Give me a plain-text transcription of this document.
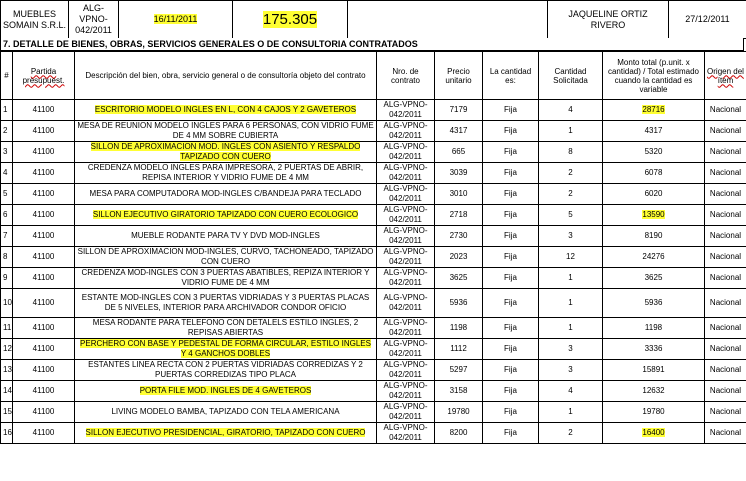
MUEBLES SOMAIN S.R.L.	ALG-VPNO-042/2011	16/11/2011	175.305		JAQUELINE ORTIZ RIVERO	27/12/2011
7. DETALLE DE BIENES, OBRAS, SERVICIOS GENERALES O DE CONSULTORIA CONTRATADOS
#	Partida presupuest.	Descripción del bien, obra, servicio general o de consultoría objeto del contrato	Nro. de contrato	Precio unitario	La cantidad es:	Cantidad Solicitada	Monto total (p.unit. x cantidad) / Total estimado cuando la cantidad es variable	Origen del ítem
1	41100	ESCRITORIO MODELO INGLES EN L, CON 4 CAJOS Y 2 GAVETEROS	ALG-VPNO-042/2011	7179	Fija	4	28716	Nacional
2	41100	MESA DE REUNION MODELO INGLES PARA 6 PERSONAS, CON VIDRIO FUME DE 4 MM SOBRE CUBIERTA	ALG-VPNO-042/2011	4317	Fija	1	4317	Nacional
3	41100	SILLON DE APROXIMACION MOD. INGLES CON ASIENTO Y RESPALDO TAPIZADO CON CUERO	ALG-VPNO-042/2011	665	Fija	8	5320	Nacional
4	41100	CREDENZA MODELO INGLES PARA IMPRESORA, 2 PUERTAS DE ABRIR, REPISA INTERIOR Y VIDRIO FUME DE 4 MM	ALG-VPNO-042/2011	3039	Fija	2	6078	Nacional
5	41100	MESA PARA COMPUTADORA MOD-INGLES C/BANDEJA PARA TECLADO	ALG-VPNO-042/2011	3010	Fija	2	6020	Nacional
6	41100	SILLON EJECUTIVO GIRATORIO TAPIZADO CON CUERO ECOLOGICO	ALG-VPNO-042/2011	2718	Fija	5	13590	Nacional
7	41100	MUEBLE RODANTE PARA TV Y DVD MOD-INGLES	ALG-VPNO-042/2011	2730	Fija	3	8190	Nacional
8	41100	SILLON DE APROXIMACION MOD-INGLES, CURVO, TACHONEADO, TAPIZADO CON CUERO	ALG-VPNO-042/2011	2023	Fija	12	24276	Nacional
9	41100	CREDENZA MOD-INGLES CON 3 PUERTAS ABATIBLES, REPIZA INTERIOR Y VIDRIO FUME DE 4 MM	ALG-VPNO-042/2011	3625	Fija	1	3625	Nacional
10	41100	ESTANTE MOD-INGLES CON 3 PUERTAS VIDRIADAS Y 3 PUERTAS PLACAS DE 5 NIVELES, INTERIOR PARA ARCHIVADOR CONDOR OFICIO	ALG-VPNO-042/2011	5936	Fija	1	5936	Nacional
11	41100	MESA RODANTE PARA TELEFONO CON DETALELS ESTILO INGLES, 2 REPISAS ABIERTAS	ALG-VPNO-042/2011	1198	Fija	1	1198	Nacional
12	41100	PERCHERO CON BASE Y PEDESTAL DE FORMA CIRCULAR, ESTILO INGLES Y 4 GANCHOS DOBLES	ALG-VPNO-042/2011	1112	Fija	3	3336	Nacional
13	41100	ESTANTES LINEA RECTA CON 2 PUERTAS VIDRIADAS CORREDIZAS Y 2 PUERTAS CORREDIZAS TIPO PLACA	ALG-VPNO-042/2011	5297	Fija	3	15891	Nacional
14	41100	PORTA FILE MOD. INGLES DE 4 GAVETEROS	ALG-VPNO-042/2011	3158	Fija	4	12632	Nacional
15	41100	LIVING MODELO BAMBA, TAPIZADO CON TELA AMERICANA	ALG-VPNO-042/2011	19780	Fija	1	19780	Nacional
16	41100	SILLON EJECUTIVO PRESIDENCIAL, GIRATORIO, TAPIZADO CON CUERO	ALG-VPNO-042/2011	8200	Fija	2	16400	Nacional
